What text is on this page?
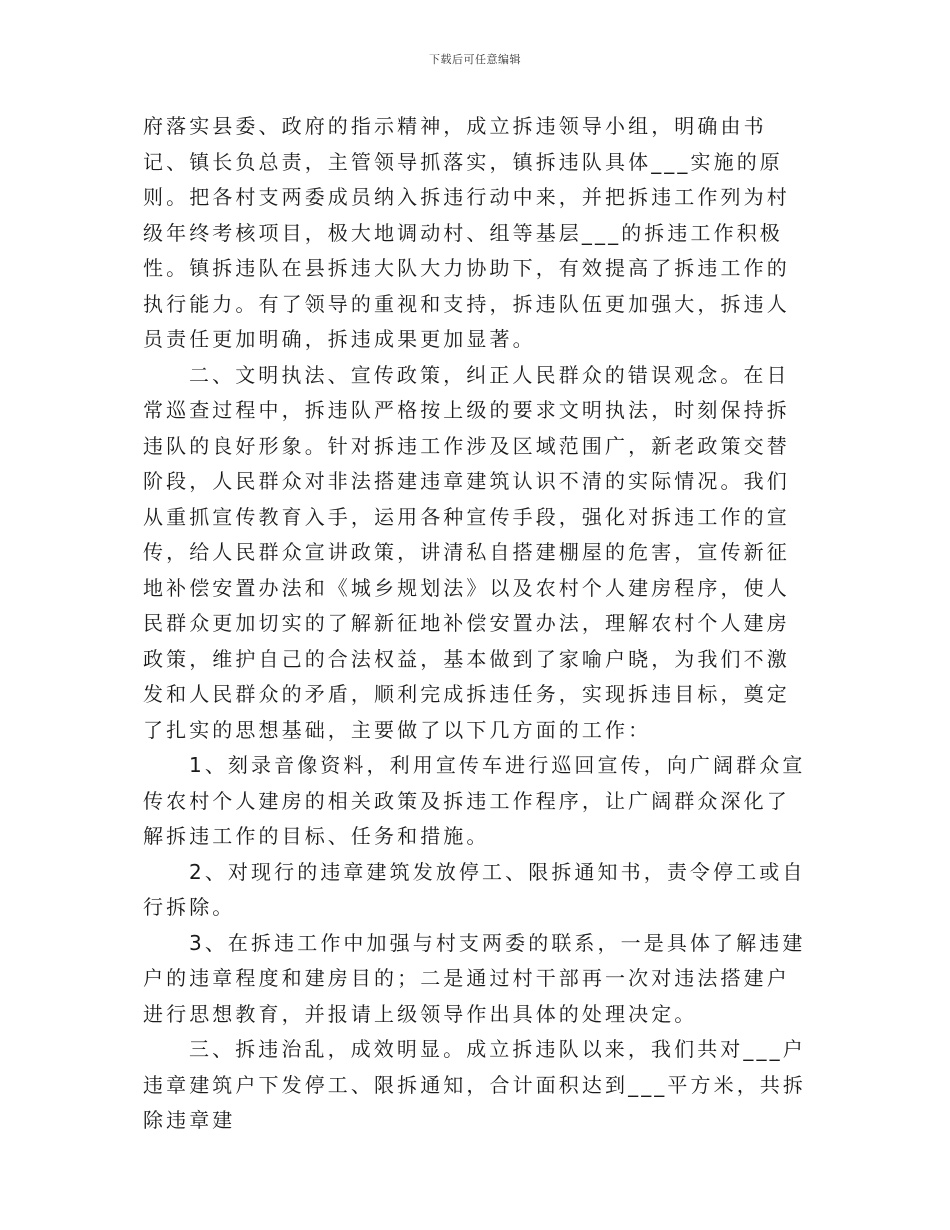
下载后可任意编辑

府落实县委、政府的指示精神，成立拆违领导小组，明确由书记、镇长负总责，主管领导抓落实，镇拆违队具体___实施的原则。把各村支两委成员纳入拆违行动中来，并把拆违工作列为村级年终考核项目，极大地调动村、组等基层___的拆违工作积极性。镇拆违队在县拆违大队大力协助下，有效提高了拆违工作的执行能力。有了领导的重视和支持，拆违队伍更加强大，拆违人员责任更加明确，拆违成果更加显著。

二、文明执法、宣传政策，纠正人民群众的错误观念。在日常巡查过程中，拆违队严格按上级的要求文明执法，时刻保持拆违队的良好形象。针对拆违工作涉及区域范围广，新老政策交替阶段，人民群众对非法搭建违章建筑认识不清的实际情况。我们从重抓宣传教育入手，运用各种宣传手段，强化对拆违工作的宣传，给人民群众宣讲政策，讲清私自搭建棚屋的危害，宣传新征地补偿安置办法和《城乡规划法》以及农村个人建房程序，使人民群众更加切实的了解新征地补偿安置办法，理解农村个人建房政策，维护自己的合法权益，基本做到了家喻户晓，为我们不激发和人民群众的矛盾，顺利完成拆违任务，实现拆违目标，奠定了扎实的思想基础，主要做了以下几方面的工作：

1、刻录音像资料，利用宣传车进行巡回宣传，向广阔群众宣传农村个人建房的相关政策及拆违工作程序，让广阔群众深化了解拆违工作的目标、任务和措施。

2、对现行的违章建筑发放停工、限拆通知书，责令停工或自行拆除。

3、在拆违工作中加强与村支两委的联系，一是具体了解违建户的违章程度和建房目的；二是通过村干部再一次对违法搭建户进行思想教育，并报请上级领导作出具体的处理决定。

三、拆违治乱，成效明显。成立拆违队以来，我们共对___户违章建筑户下发停工、限拆通知，合计面积达到___平方米，共拆除违章建
